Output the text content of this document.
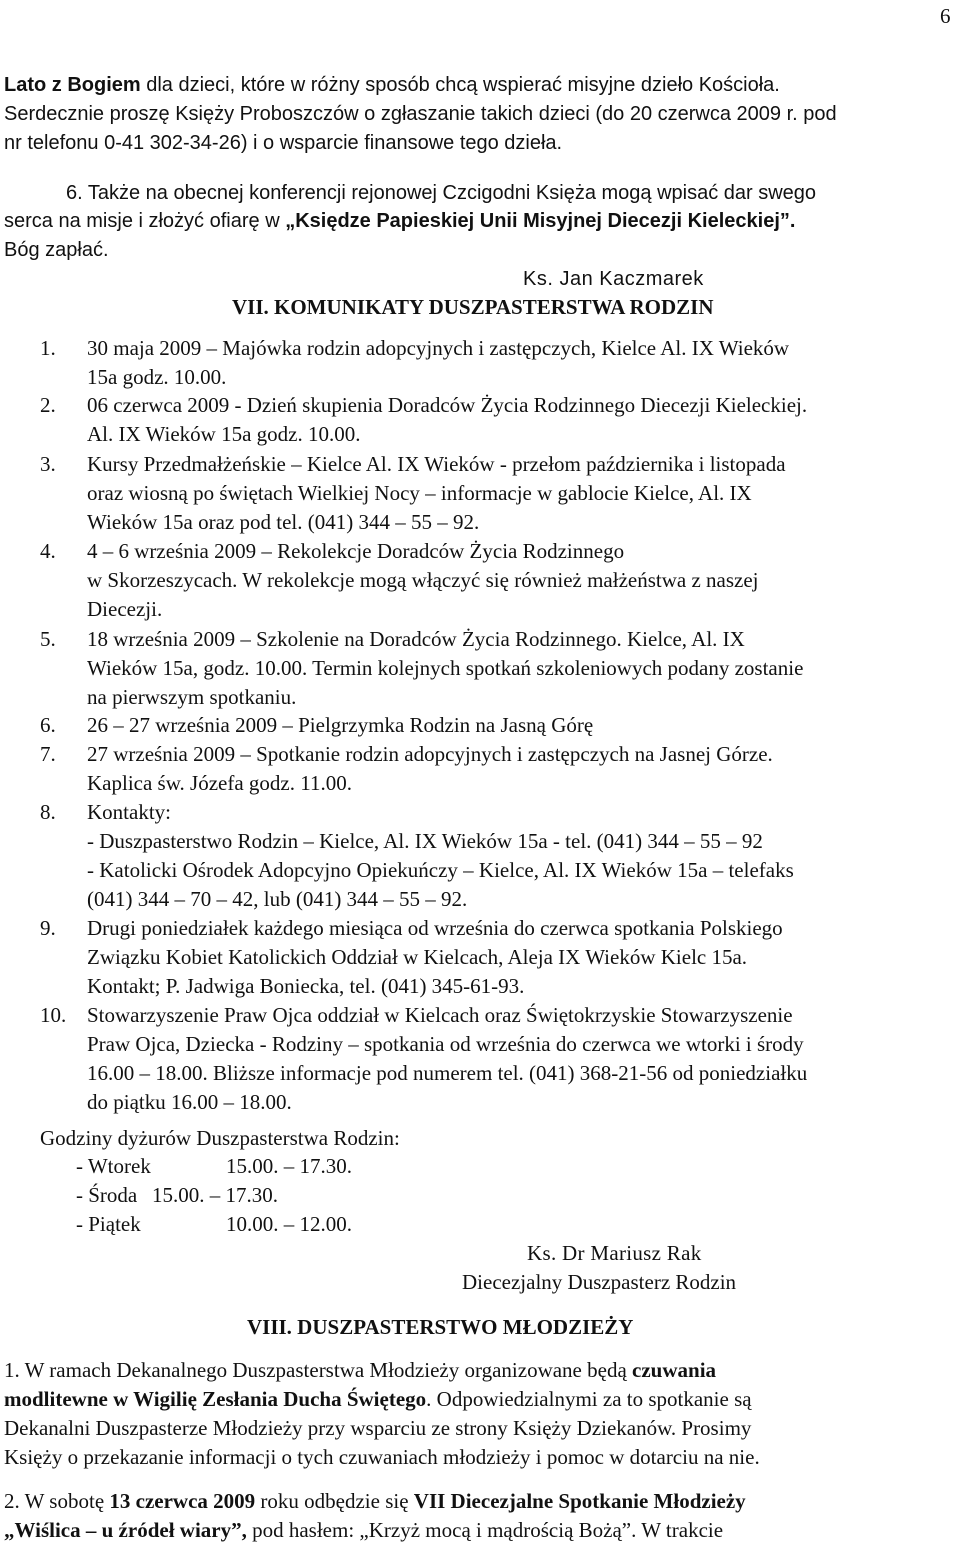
6
Lato z Bogiem dla dzieci, które w różny sposób chcą wspierać misyjne dzieło Kościoła.
Serdecznie proszę Księży Proboszczów o zgłaszanie takich dzieci (do 20 czerwca 2009 r. pod
nr telefonu 0-41 302-34-26) i o wsparcie finansowe tego dzieła.
6. Także na obecnej konferencji rejonowej Czcigodni Księża mogą wpisać dar swego
serca na misje i złożyć ofiarę w „Księdze Papieskiej Unii Misyjnej Diecezji Kieleckiej”.
Bóg zapłać.
Ks. Jan Kaczmarek
VII. KOMUNIKATY DUSZPASTERSTWA RODZIN
1. 30 maja 2009 – Majówka rodzin adopcyjnych i zastępczych, Kielce Al. IX Wieków
15a godz. 10.00.
2. 06 czerwca 2009 - Dzień skupienia Doradców Życia Rodzinnego Diecezji Kieleckiej.
Al. IX Wieków 15a godz. 10.00.
3. Kursy Przedmałżeńskie – Kielce Al. IX Wieków - przełom października i listopada
oraz wiosną po świętach Wielkiej Nocy – informacje w gablocie Kielce, Al. IX
Wieków 15a oraz pod tel. (041) 344 – 55 – 92.
4. 4 – 6 września 2009 – Rekolekcje Doradców Życia Rodzinnego
w Skorzeszycach. W rekolekcje mogą włączyć się również małżeństwa z naszej
Diecezji.
5. 18 września 2009 – Szkolenie na Doradców Życia Rodzinnego. Kielce, Al. IX
Wieków 15a, godz. 10.00. Termin kolejnych spotkań szkoleniowych podany zostanie
na pierwszym spotkaniu.
6. 26 – 27 września 2009 – Pielgrzymka Rodzin na Jasną Górę
7. 27 września 2009 – Spotkanie rodzin adopcyjnych i zastępczych na Jasnej Górze.
Kaplica św. Józefa godz. 11.00.
8. Kontakty:
- Duszpasterstwo Rodzin – Kielce, Al. IX Wieków 15a - tel. (041) 344 – 55 – 92
- Katolicki Ośrodek Adopcyjno Opiekuńczy – Kielce, Al. IX Wieków 15a – telefaks
(041) 344 – 70 – 42, lub (041) 344 – 55 – 92.
9. Drugi poniedziałek każdego miesiąca od września do czerwca spotkania Polskiego
Związku Kobiet Katolickich Oddział w Kielcach, Aleja IX Wieków Kielc 15a.
Kontakt; P. Jadwiga Boniecka, tel. (041) 345-61-93.
10. Stowarzyszenie Praw Ojca oddział w Kielcach oraz Świętokrzyskie Stowarzyszenie
Praw Ojca, Dziecka - Rodziny – spotkania od września do czerwca we wtorki i środy
16.00 – 18.00. Bliższe informacje pod numerem tel. (041) 368-21-56 od poniedziałku
do piątku 16.00 – 18.00.
Godziny dyżurów Duszpasterstwa Rodzin:
- Wtorek	15.00. – 17.30.
- Środa 15.00. – 17.30.
- Piątek	10.00. – 12.00.
Ks. Dr Mariusz Rak
Diecezjalny Duszpasterz Rodzin
VIII. DUSZPASTERSTWO MŁODZIEŻY
1. W ramach Dekanalnego Duszpasterstwa Młodzieży organizowane będą czuwania
modlitewne w Wigilię Zesłania Ducha Świętego. Odpowiedzialnymi za to spotkanie są
Dekanalni Duszpasterze Młodzieży przy wsparciu ze strony Księży Dziekanów. Prosimy
Księży o przekazanie informacji o tych czuwaniach młodzieży i pomoc w dotarciu na nie.
2. W sobotę 13 czerwca 2009 roku odbędzie się VII Diecezjalne Spotkanie Młodzieży
„Wiślica – u źródeł wiary”, pod hasłem: „Krzyż mocą i mądrością Bożą”. W trakcie
